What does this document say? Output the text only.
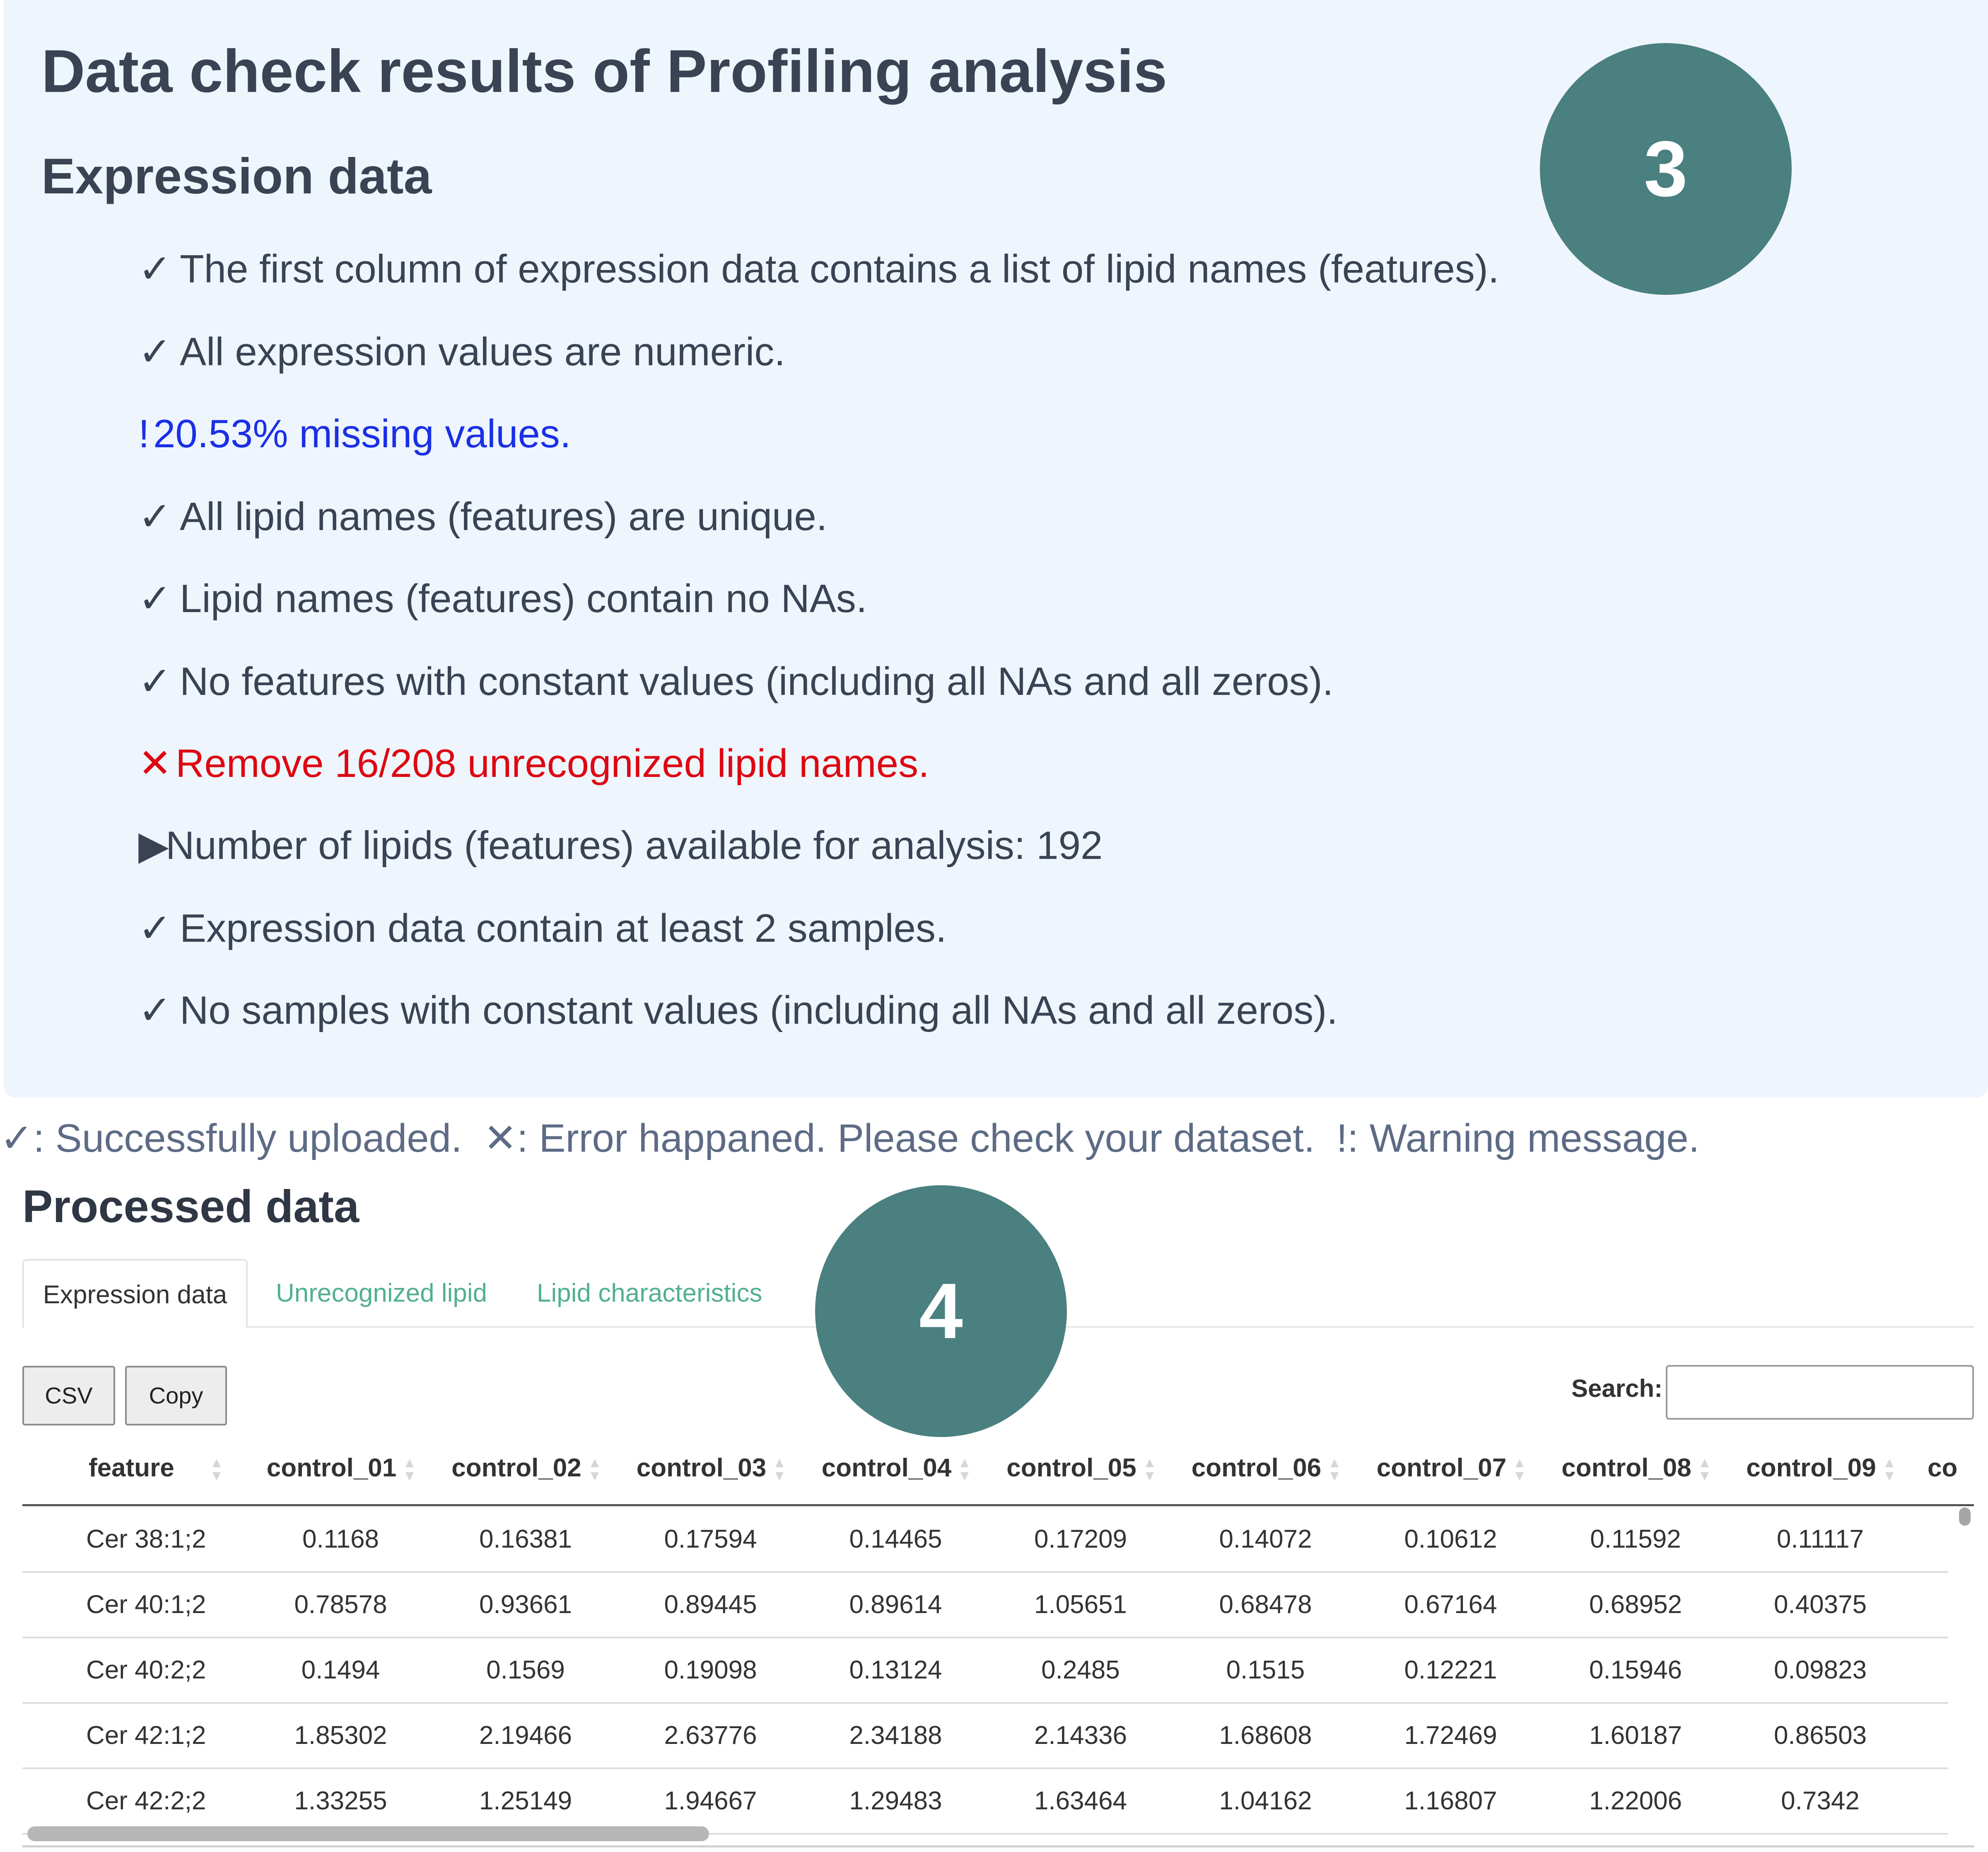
Data check results of Profiling analysis
Expression data
✓ The first column of expression data contains a list of lipid names (features).
✓ All expression values are numeric.
!20.53% missing values.
✓ All lipid names (features) are unique.
✓ Lipid names (features) contain no NAs.
✓ No features with constant values (including all NAs and all zeros).
✕Remove 16/208 unrecognized lipid names.
▶Number of lipids (features) available for analysis: 192
✓ Expression data contain at least 2 samples.
✓ No samples with constant values (including all NAs and all zeros).
3
✓: Successfully uploaded. ✕: Error happaned. Please check your dataset. !: Warning message.
Processed data
Expression data	Unrecognized lipid Lipid characteristics	4
CSV	Copy	Search:
feature	control_01	control_02	control_03	control_04	control_05	control_06	control_07	control_08	control_09	co
Cer 38:1;2	0.1168	0.16381	0.17594	0.14465	0.17209	0.14072	0.10612	0.11592	0.11117
Cer 40:1;2	0.78578	0.93661	0.89445	0.89614	1.05651	0.68478	0.67164	0.68952	0.40375
Cer 40:2;2	0.1494	0.1569	0.19098	0.13124	0.2485	0.1515	0.12221	0.15946	0.09823
Cer 42:1;2	1.85302	2.19466	2.63776	2.34188	2.14336	1.68608	1.72469	1.60187	0.86503
Cer 42:2;2	1.33255	1.25149	1.94667	1.29483	1.63464	1.04162	1.16807	1.22006	0.7342
